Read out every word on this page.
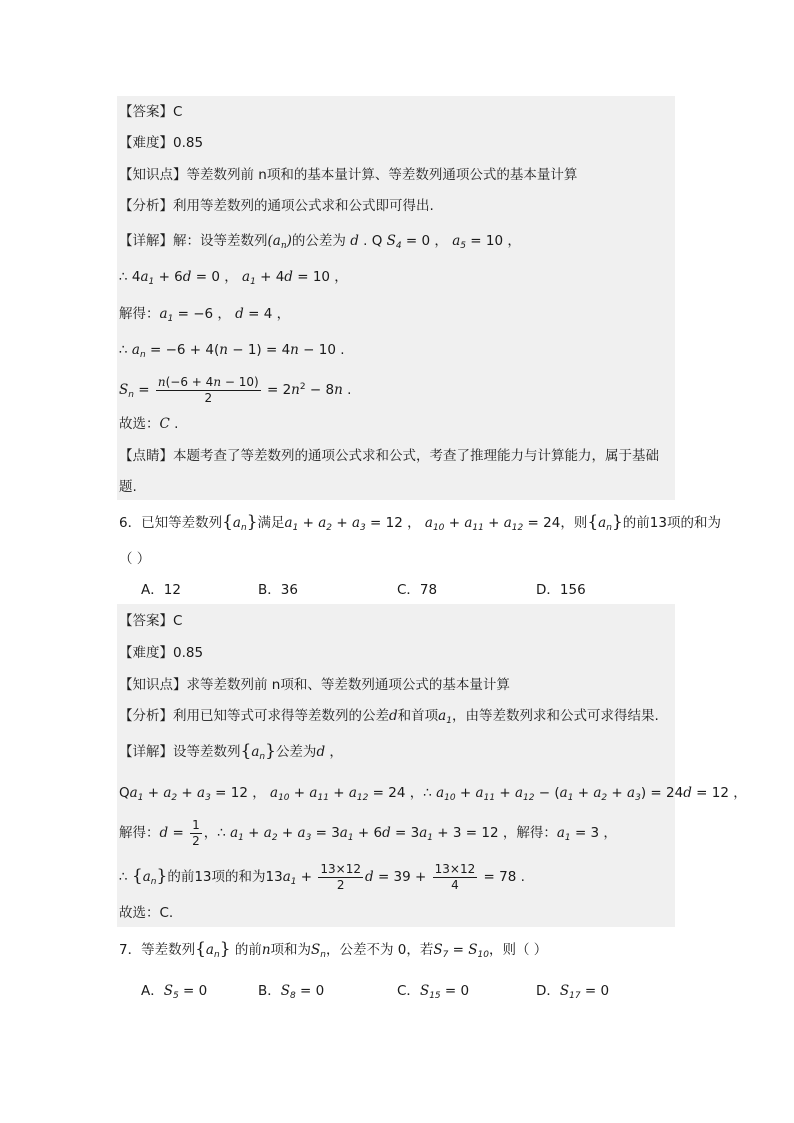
【答案】C
【难度】0.85
【知识点】等差数列前 n项和的基本量计算、等差数列通项公式的基本量计算
【分析】利用等差数列的通项公式求和公式即可得出.
【详解】解：设等差数列$(a_n)$的公差为 d . Q $S_4 = 0$ ， $a_5 = 10$ ，
∴ $4a_1 + 6d = 0$ ， $a_1 + 4d = 10$ ，
解得：$a_1 = -6$ ， d = 4 ，
∴ $a_n = -6 + 4(n - 1) = 4n - 10$ .
$S_n = \frac{n(-6 + 4n - 10)}{2} = 2n^2 - 8n$ .
故选：C .
【点睛】本题考查了等差数列的通项公式求和公式，考查了推理能力与计算能力，属于基础
题.
6．已知等差数列$\{a_n\}$满足$a_1 + a_2 + a_3 = 12$ ， $a_{10} + a_{11} + a_{12} = 24$，则$\{a_n\}$的前13项的和为
（ ）
A．12	B．36	C．78	D．156
【答案】C
【难度】0.85
【知识点】求等差数列前 n项和、等差数列通项公式的基本量计算
【分析】利用已知等式可求得等差数列的公差d和首项$a_1$，由等差数列求和公式可求得结果.
【详解】设等差数列$\{a_n\}$公差为d ，
$Qa_1 + a_2 + a_3 = 12$ ， $a_{10} + a_{11} + a_{12} = 24$ ，∴ $a_{10} + a_{11} + a_{12} - (a_1 + a_2 + a_3) = 24d = 12$ ，
解得：$d = \frac{1}{2}$ ，∴ $a_1 + a_2 + a_3 = 3a_1 + 6d = 3a_1 + 3 = 12$ ，解得：$a_1 = 3$ ，
∴ $\{a_n\}$的前13项的和为$13a_1 + \frac{13\times 12}{2}$ $d = 39 + \frac{13\times 12}{4} = 78$ .
故选：C.
7．等差数列$\{a_n\}$ 的前n项和为$S_n$，公差不为 0，若$S_7 = S_{10}$，则（ ）
A．$S_5 = 0$	B．$S_8 = 0$	C．$S_{15} = 0$	D．$S_{17} = 0$
